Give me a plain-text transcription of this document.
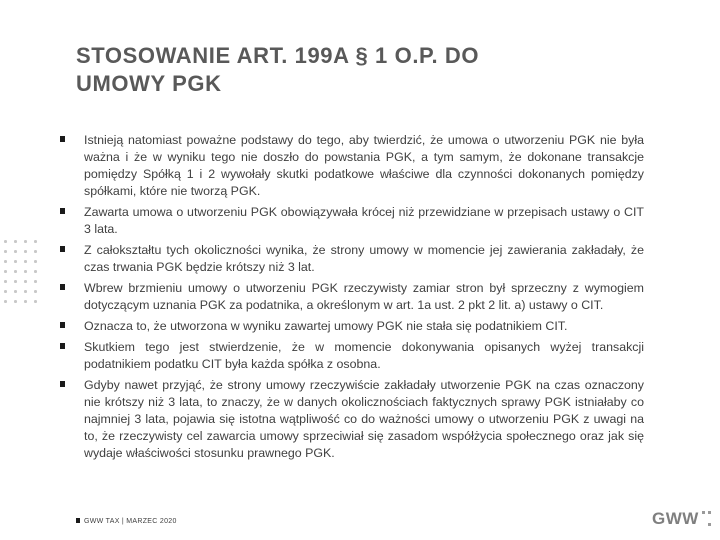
STOSOWANIE ART. 199A § 1 O.P. DO
UMOWY PGK
Istnieją natomiast poważne podstawy do tego, aby twierdzić, że umowa o utworzeniu PGK nie była ważna i że w wyniku tego nie doszło do powstania PGK, a tym samym, że dokonane transakcje pomiędzy Spółką 1 i 2 wywołały skutki podatkowe właściwe dla czynności dokonanych pomiędzy spółkami, które nie tworzą PGK.
Zawarta umowa o utworzeniu PGK obowiązywała krócej niż przewidziane w przepisach ustawy o CIT 3 lata.
Z całokształtu tych okoliczności wynika, że strony umowy w momencie jej zawierania zakładały, że czas trwania PGK będzie krótszy niż 3 lat.
Wbrew brzmieniu umowy o utworzeniu PGK rzeczywisty zamiar stron był sprzeczny z wymogiem dotyczącym uznania PGK za podatnika, a określonym w art. 1a ust. 2 pkt 2 lit. a) ustawy o CIT.
Oznacza to, że utworzona w wyniku zawartej umowy PGK nie stała się podatnikiem CIT.
Skutkiem tego jest stwierdzenie, że w momencie dokonywania opisanych wyżej transakcji podatnikiem podatku CIT była każda spółka z osobna.
Gdyby nawet przyjąć, że strony umowy rzeczywiście zakładały utworzenie PGK na czas oznaczony nie krótszy niż 3 lata, to znaczy, że w danych okolicznościach faktycznych sprawy PGK istniałaby co najmniej 3 lata, pojawia się istotna wątpliwość co do ważności umowy o utworzeniu PGK z uwagi na to, że rzeczywisty cel zawarcia umowy sprzeciwiał się zasadom współżycia społecznego oraz jak się wydaje właściwości stosunku prawnego PGK.
GWW TAX | MARZEC 2020	GWW
